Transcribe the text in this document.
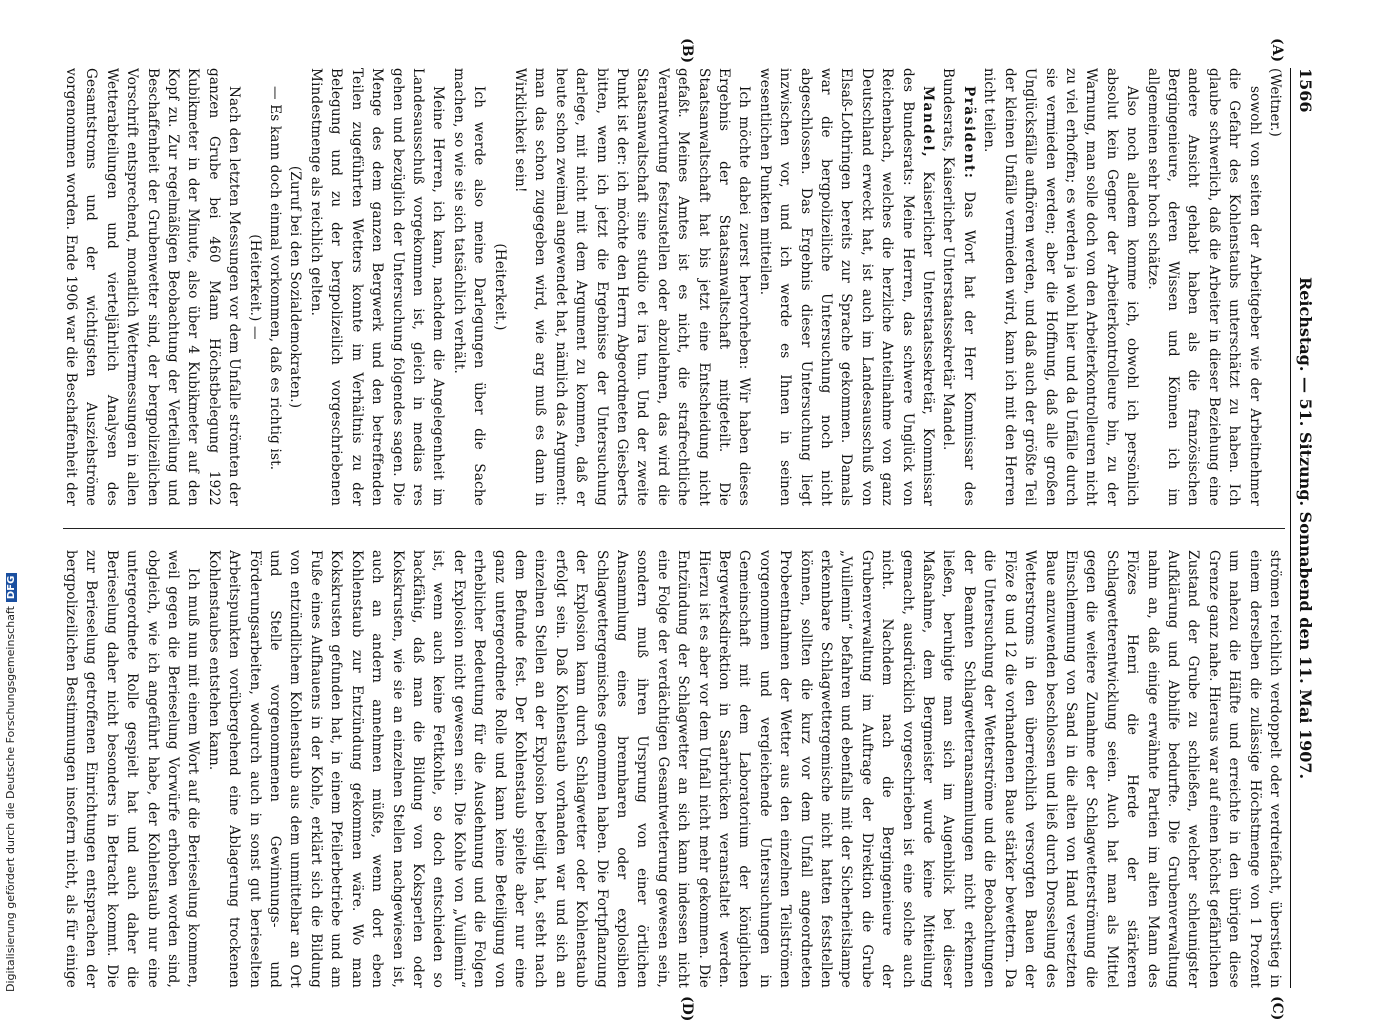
1566
Reichstag. — 51. Sitzung. Sonnabend den 11. Mai 1907.
(A)
(B)
(C)
(D)

(Weitner.)

sowohl von seiten der Arbeitgeber wie der Arbeitnehmer die Gefahr des Kohlenstaubs unterschätzt zu haben. Ich glaube schwerlich, daß die Arbeiter in dieser Beziehung eine andere Ansicht gehabt haben als die französischen Bergingenieure, deren Wissen und Können ich im allgemeinen sehr hoch schätze.

Also noch alledem komme ich, obwohl ich persönlich absolut kein Gegner der Arbeiterkontrolleure bin, zu der Warnung, man solle doch von den Arbeiterkontrolleuren nicht zu viel erhoffen; es werden ja wohl hier und da Unfälle durch sie vermieden werden; aber die Hoffnung, daß alle großen Unglücksfälle aufhören werden, und daß auch der größte Teil der kleinen Unfälle vermieden wird, kann ich mit den Herren nicht teilen.

Präsident: Das Wort hat der Herr Kommissar des Bundesrats, Kaiserlicher Unterstaatssekretär Mandel.

Mandel, Kaiserlicher Unterstaatssekretär, Kommissar des Bundesrats: Meine Herren, das schwere Unglück von Reichenbach, welches die herzliche Anteilnahme von ganz Deutschland erweckt hat, ist auch im Landesausschuß von Elsaß-Lothringen bereits zur Sprache gekommen. Damals war die bergpolizeiliche Untersuchung noch nicht abgeschlossen. Das Ergebnis dieser Untersuchung liegt inzwischen vor, und ich werde es Ihnen in seinen wesentlichen Punkten mitteilen.

Ich möchte dabei zuerst hervorheben: Wir haben dieses Ergebnis der Staatsanwaltschaft mitgeteilt. Die Staatsanwaltschaft hat bis jetzt eine Entscheidung nicht gefaßt. Meines Amtes ist es nicht, die strafrechtliche Verantwortung festzustellen oder abzulehnen, das wird die Staatsanwaltschaft sine studio et ira tun. Und der zweite Punkt ist der: ich möchte den Herrn Abgeordneten Giesberts bitten, wenn ich jetzt die Ergebnisse der Untersuchung darlege, mit nicht mit dem Argument zu kommen, daß er heute schon zweimal angewendet hat, nämlich das Argument: man das schon zugegeben wird, wie arg muß es dann in Wirklichkeit sein!

(Heiterkeit.)

Ich werde also meine Darlegungen über die Sache machen, so wie sie sich tatsächlich verhält.

Meine Herren, ich kann, nachdem die Angelegenheit im Landesausschuß vorgekommen ist, gleich in medias res gehen und bezüglich der Untersuchung folgendes sagen. Die Menge des dem ganzen Bergwerk und den betreffenden Teilen zugeführten Wetters konnte im Verhältnis zu der Belegung und zu der bergpolizeilich vorgeschriebenen Mindestmenge als reichlich gelten.

(Zuruf bei den Sozialdemokraten.)

— Es kann doch einmal vorkommen, daß es richtig ist.

(Heiterkeit.) —

Nach den letzten Messungen vor dem Unfalle strömten der ganzen Grube bei 460 Mann Höchstbelegung 1922 Kubikmeter in der Minute, also über 4 Kubikmeter auf den Kopf zu. Zur regelmäßigen Beobachtung der Verteilung und Beschaffenheit der Grubenwetter sind, der bergpolizeilichen Vorschrift entsprechend, monatlich Wettermessungen in allen Wetterabteilungen und vierteljährlich Analysen des Gesamtstroms und der wichtigsten Ausziehströme vorgenommen worden. Ende 1906 war die Beschaffenheit der

strömen reichlich verdoppelt oder verdreifacht, überstieg in einem derselben die zulässige Höchstmenge von 1 Prozent um nahezu die Hälfte und erreichte in den übrigen diese Grenze ganz nahe. Hieraus war auf einen höchst gefährlichen Zustand der Grube zu schließen, welcher schleunigster Aufklärung und Abhilfe bedurfte. Die Grubenverwaltung nahm an, daß einige erwähnte Partien im alten Mann des Flözes Henri die Herde der stärkeren Schlagwetterentwicklung seien. Auch hat man als Mittel gegen die weitere Zunahme der Schlagwetterströmung die Einschlemmung von Sand in die alten von Hand versetzten Baue anzuwenden beschlossen und ließ durch Drosselung des Wetterstroms in den überreichlich versorgten Bauen der Flöze 8 und 12 die vorhandenen Baue stärker bewettern. Da die Untersuchung der Wetterströme und die Beobachtungen der Beamten Schlagwetteransammlungen nicht erkennen ließen, beruhigte man sich im Augenblick bei dieser Maßnahme, dem Bergmeister wurde keine Mitteilung gemacht, ausdrücklich vorgeschrieben ist eine solche auch nicht. Nachdem nach die Bergingenieure der Grubenverwaltung im Auftrage der Direktion die Grube „Vuillemin“ befahren und ebenfalls mit der Sicherheitslampe erkennbare Schlagwettergemische nicht hatten feststellen können, sollten die kurz vor dem Unfall angeordneten Probeentnahmen der Wetter aus den einzelnen Teilströmen vorgenommen und vergleichende Untersuchungen in Gemeinschaft mit dem Laboratorium der königlichen Bergwerksdirektion in Saarbrücken veranstaltet werden. Hierzu ist es aber vor dem Unfall nicht mehr gekommen. Die Entzündung der Schlagwetter an sich kann indessen nicht eine Folge der verdächtigen Gesamtwetterung gewesen sein, sondern muß ihren Ursprung von einer örtlichen Ansammlung eines brennbaren oder explosiblen Schlagwettergemisches genommen haben. Die Fortpflanzung der Explosion kann durch Schlagwetter oder Kohlenstaub erfolgt sein. Daß Kohlenstaub vorhanden war und sich an einzelnen Stellen an der Explosion beteiligt hat, steht nach dem Befunde fest. Der Kohlenstaub spielte aber nur eine ganz untergeordnete Rolle und kann keine Beteiligung von erheblicher Bedeutung für die Ausdehnung und die Folgen der Explosion nicht gewesen sein. Die Kohle von „Vuillemin“ ist, wenn auch keine Fettkohle, so doch entschieden so backfähig, daß man die Bildung von Koksperlen oder Kokskrusten, wie sie an einzelnen Stellen nachgewiesen ist, auch an andern annehmen müßte, wenn dort eben Kohlenstaub zur Entzündung gekommen wäre. Wo man Kokskrusten gefunden hat, in einem Pfeilerbetriebe und am Fuße eines Aufhauens in der Kohle, erklärt sich die Bildung von entzündlichem Kohlenstaub aus dem unmittelbar an Ort und Stelle vorgenommenen Gewinnungs- und Förderungsarbeiten, wodurch auch in sonst gut berieselten Arbeitspunkten vorübergehend eine Ablagerung trockenen Kohlenstaubes entstehen kann.

Ich muß nun mit einem Wort auf die Berieselung kommen, weil gegen die Berieselung Vorwürfe erhoben worden sind, obgleich, wie ich angeführt habe, der Kohlenstaub nur eine untergeordnete Rolle gespielt hat und auch daher die Berieselung daher nicht besonders in Betracht kommt. Die zur Berieselung getroffenen Einrichtungen entsprachen der bergpolizeilichen Bestimmungen insofern nicht, als für einige

Digitalisierung gefördert durch die Deutsche ForschungsgemeinschaftDFG
